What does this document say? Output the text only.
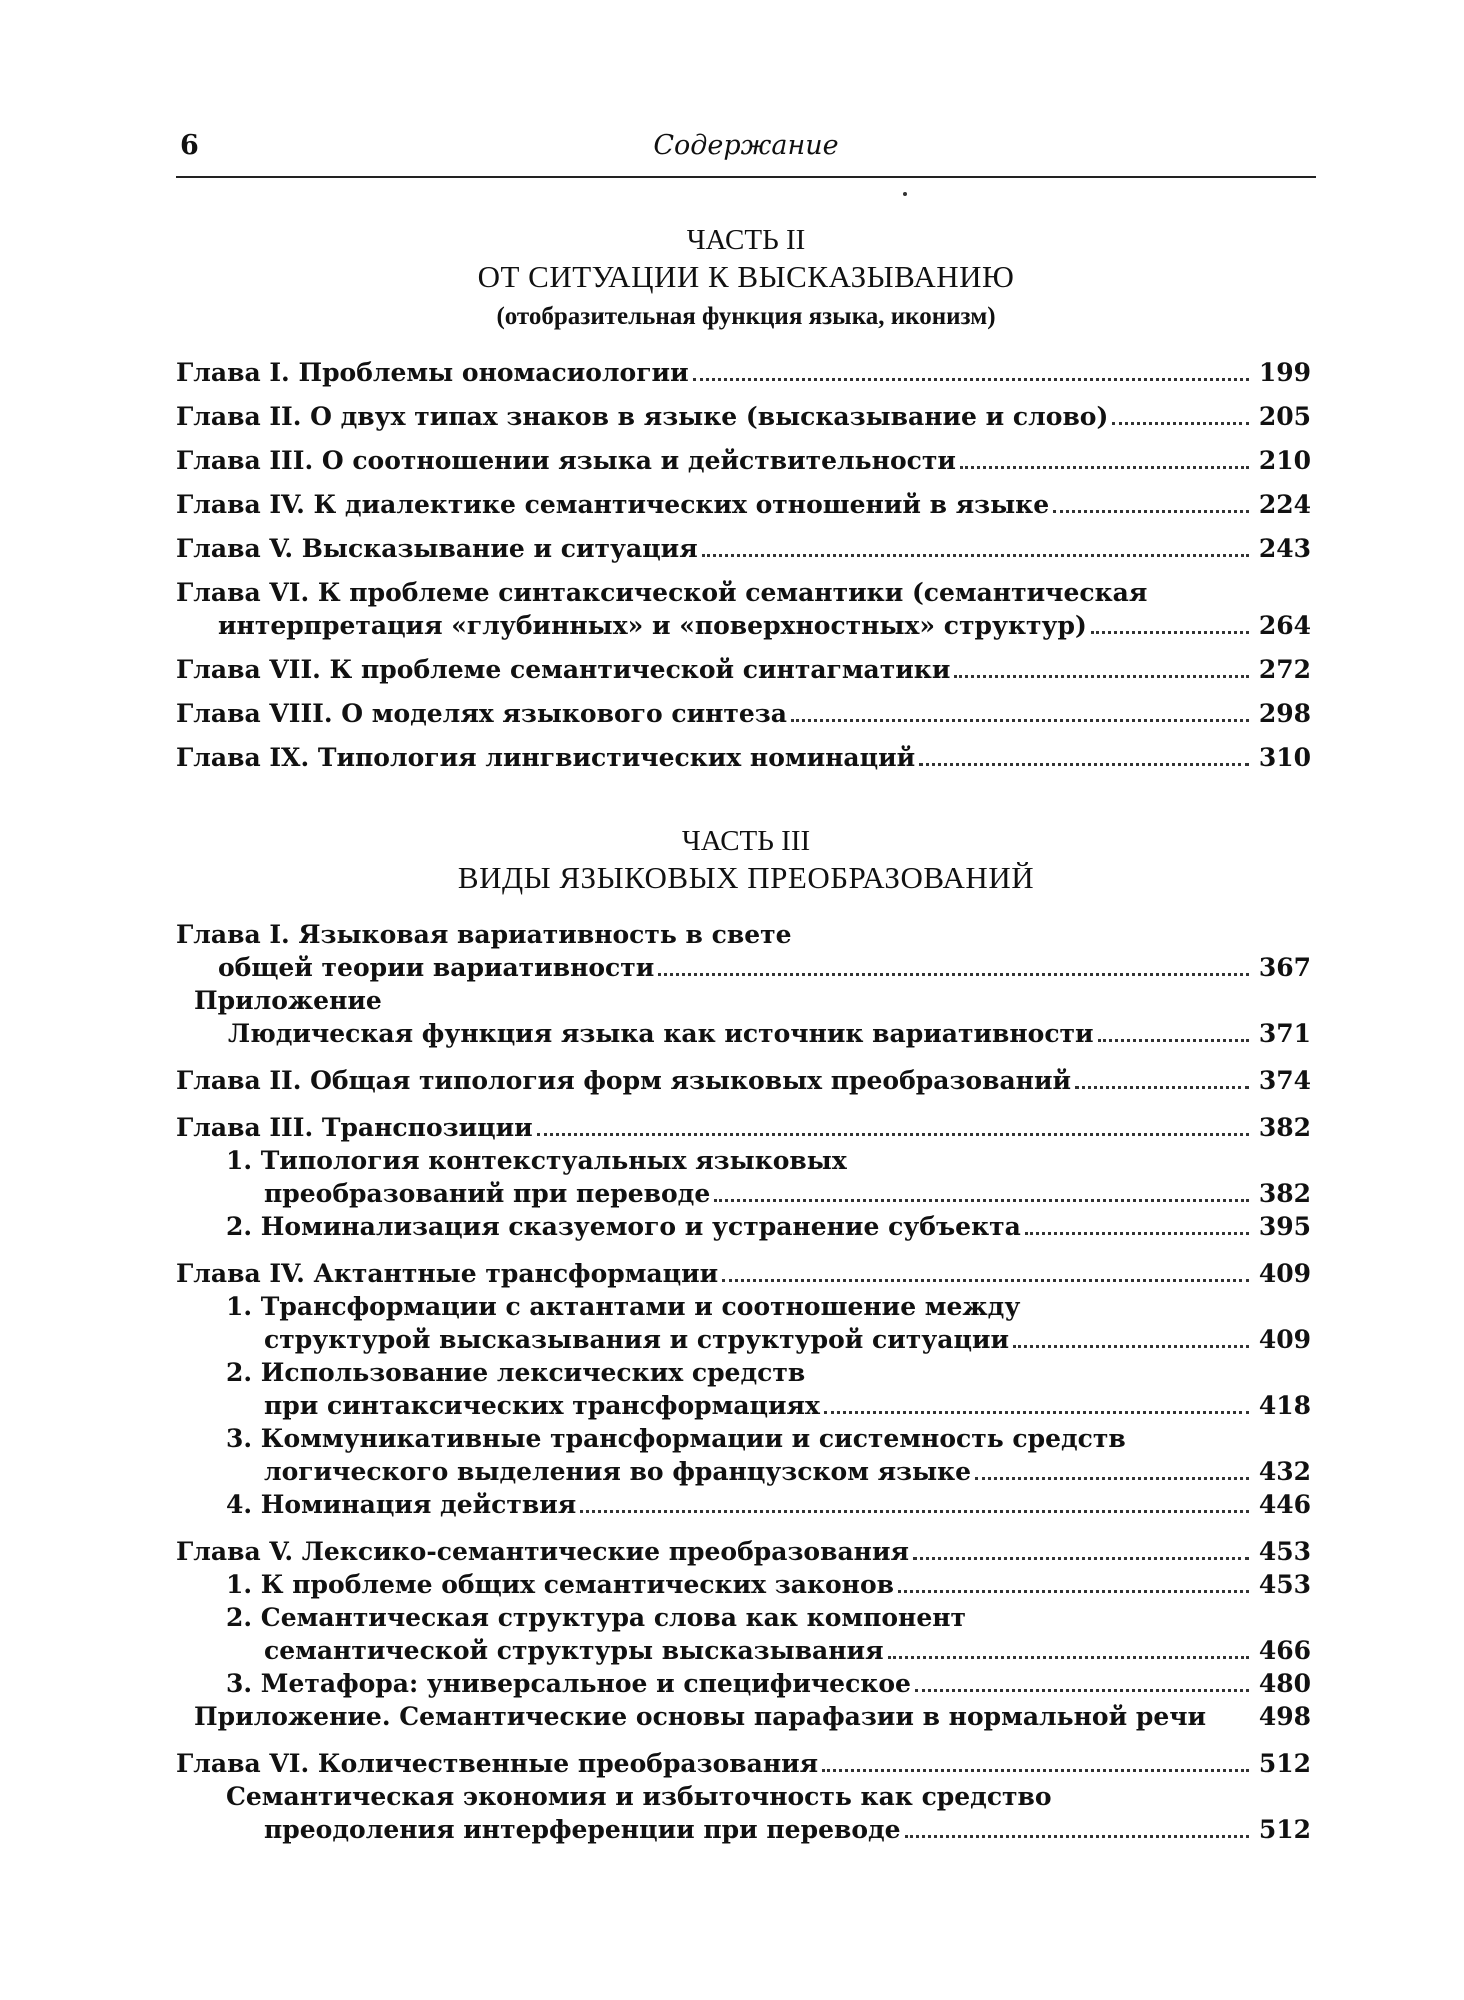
6	Содержание
ЧАСТЬ II
ОТ СИТУАЦИИ К ВЫСКАЗЫВАНИЮ
(отобразительная функция языка, иконизм)
Глава I. Проблемы ономасиологии	199
Глава II. О двух типах знаков в языке (высказывание и слово)	205
Глава III. О соотношении языка и действительности	210
Глава IV. К диалектике семантических отношений в языке	224
Глава V. Высказывание и ситуация	243
Глава VI. К проблеме синтаксической семантики (семантическая
интерпретация «глубинных» и «поверхностных» структур)	264
Глава VII. К проблеме семантической синтагматики	272
Глава VIII. О моделях языкового синтеза	298
Глава IX. Типология лингвистических номинаций	310
ЧАСТЬ III
ВИДЫ ЯЗЫКОВЫХ ПРЕОБРАЗОВАНИЙ
Глава I. Языковая вариативность в свете
общей теории вариативности	367
Приложение
Людическая функция языка как источник вариативности	371
Глава II. Общая типология форм языковых преобразований	374
Глава III. Транспозиции	382
1. Типология контекстуальных языковых
преобразований при переводе	382
2. Номинализация сказуемого и устранение субъекта	395
Глава IV. Актантные трансформации	409
1. Трансформации с актантами и соотношение между
структурой высказывания и структурой ситуации	409
2. Использование лексических средств
при синтаксических трансформациях	418
3. Коммуникативные трансформации и системность средств
логического выделения во французском языке	432
4. Номинация действия	446
Глава V. Лексико-семантические преобразования	453
1. К проблеме общих семантических законов	453
2. Семантическая структура слова как компонент
семантической структуры высказывания	466
3. Метафора: универсальное и специфическое	480
Приложение. Семантические основы парафазии в нормальной речи 498
Глава VI. Количественные преобразования	512
Семантическая экономия и избыточность как средство
преодоления интерференции при переводе	512
